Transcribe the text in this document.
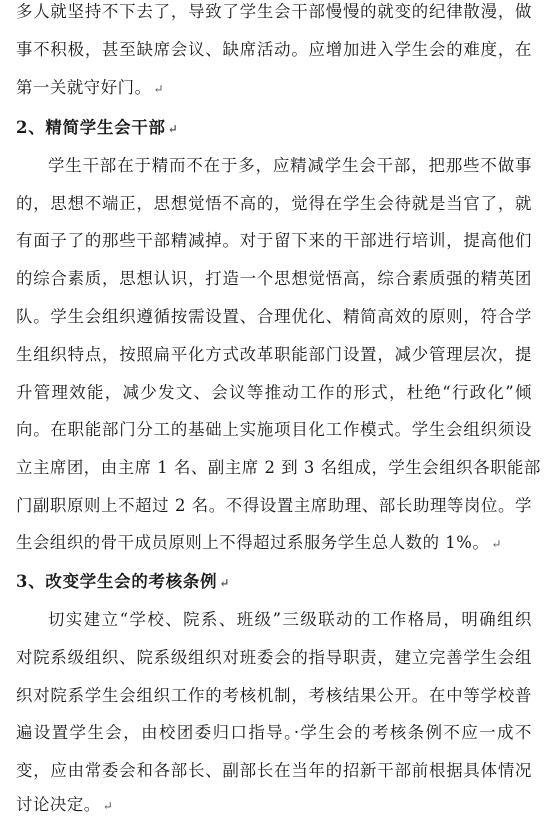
多人就坚持不下去了，导致了学生会干部慢慢的就变的纪律散漫，做
事不积极，甚至缺席会议、缺席活动。应增加进入学生会的难度，在
第一关就守好门。 ↵
2、精简学生会干部 ↵
学生干部在于精而不在于多，应精减学生会干部，把那些不做事
的，思想不端正，思想觉悟不高的，觉得在学生会待就是当官了，就
有面子了的那些干部精减掉。对于留下来的干部进行培训，提高他们
的综合素质，思想认识，打造一个思想觉悟高，综合素质强的精英团
队。学生会组织遵循按需设置、合理优化、精简高效的原则，符合学
生组织特点，按照扁平化方式改革职能部门设置，减少管理层次，提
升管理效能，减少发文、会议等推动工作的形式，杜绝“行政化”倾
向。在职能部门分工的基础上实施项目化工作模式。学生会组织须设
立主席团，由主席 1 名、副主席 2 到 3 名组成，学生会组织各职能部
门副职原则上不超过 2 名。不得设置主席助理、部长助理等岗位。学
生会组织的骨干成员原则上不得超过系服务学生总人数的 1%。 ↵
3、改变学生会的考核条例 ↵
切实建立“学校、院系、班级”三级联动的工作格局，明确组织
对院系级组织、院系级组织对班委会的指导职责，建立完善学生会组
织对院系学生会组织工作的考核机制，考核结果公开。在中等学校普
遍设置学生会，由校团委归口指导。·学生会的考核条例不应一成不
变，应由常委会和各部长、副部长在当年的招新干部前根据具体情况
讨论决定。 ↵
